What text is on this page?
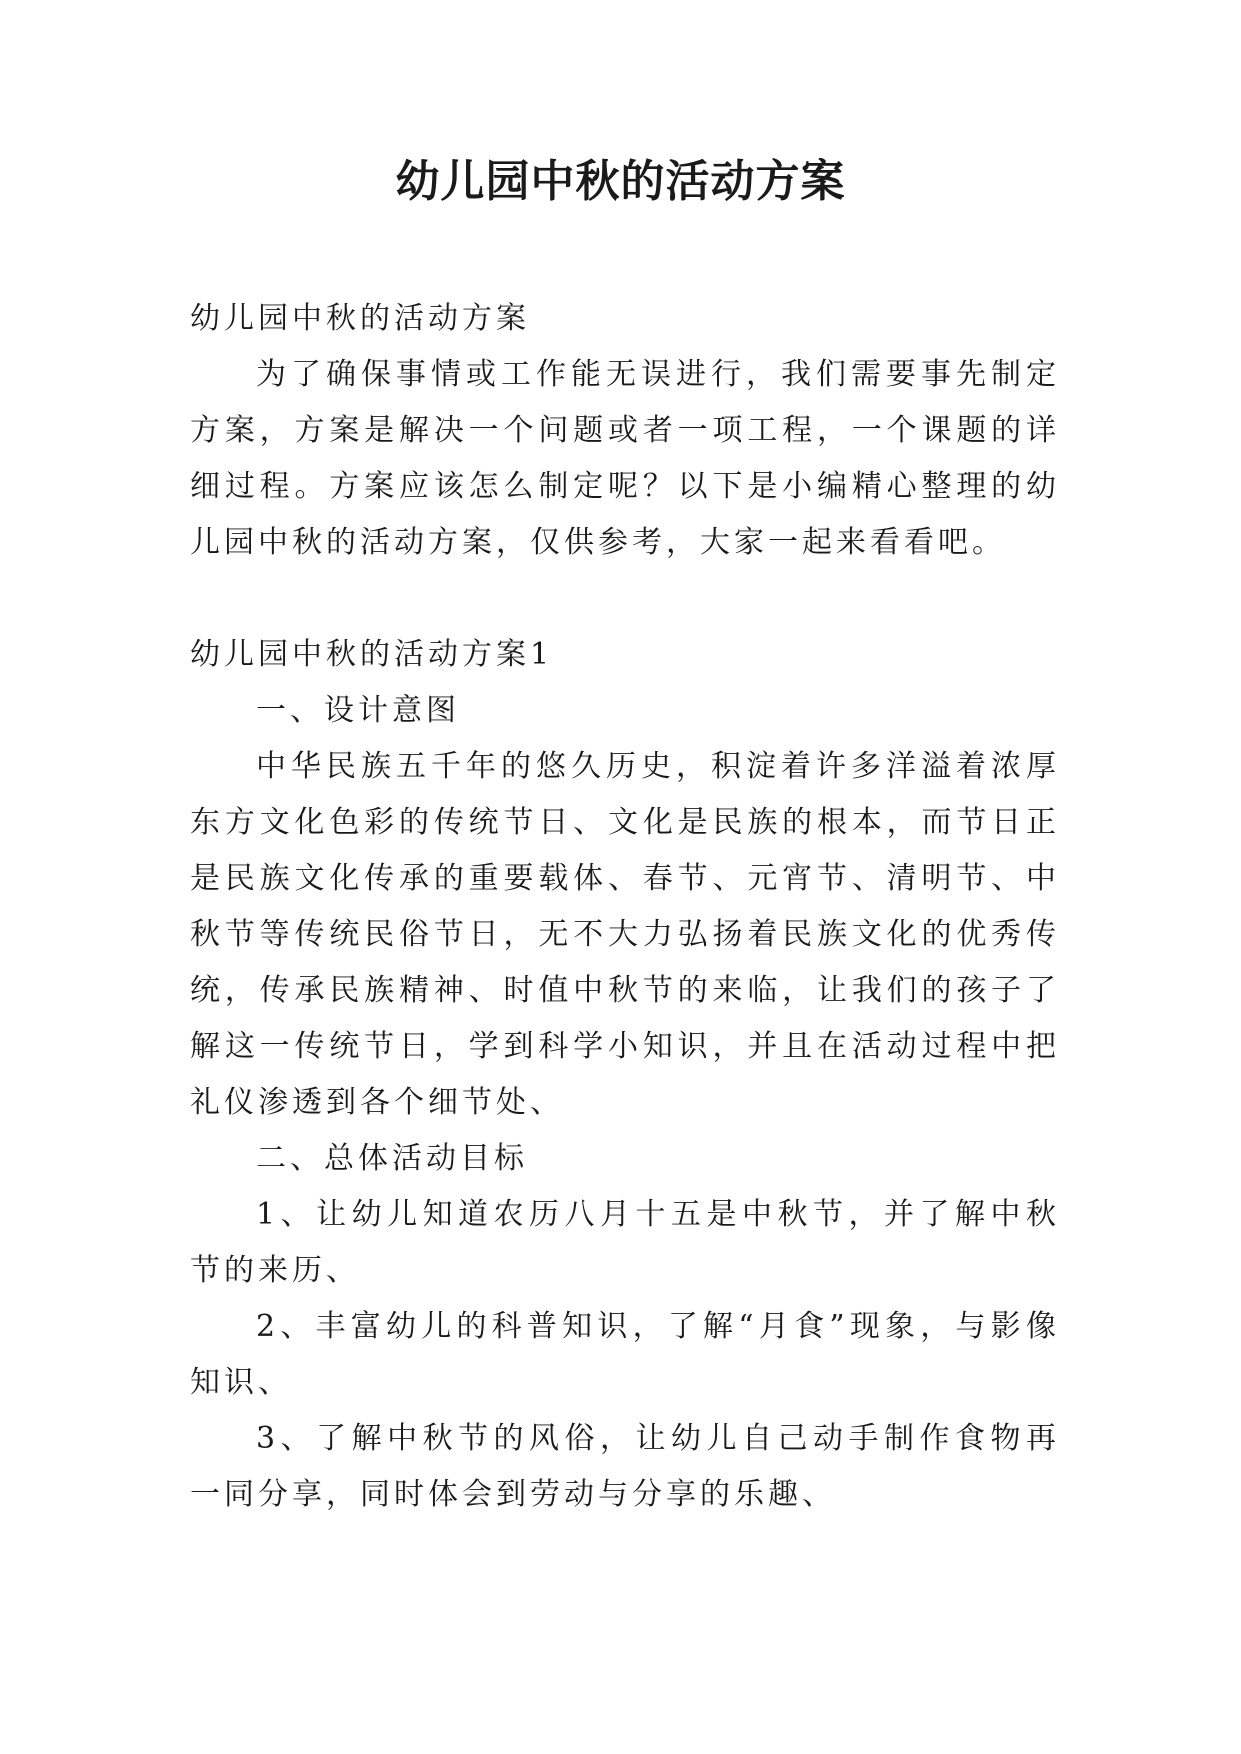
幼儿园中秋的活动方案

幼儿园中秋的活动方案

为了确保事情或工作能无误进行，我们需要事先制定方案，方案是解决一个问题或者一项工程，一个课题的详细过程。方案应该怎么制定呢？以下是小编精心整理的幼儿园中秋的活动方案，仅供参考，大家一起来看看吧。

幼儿园中秋的活动方案1

一、设计意图

中华民族五千年的悠久历史，积淀着许多洋溢着浓厚东方文化色彩的传统节日、文化是民族的根本，而节日正是民族文化传承的重要载体、春节、元宵节、清明节、中秋节等传统民俗节日，无不大力弘扬着民族文化的优秀传统，传承民族精神、时值中秋节的来临，让我们的孩子了解这一传统节日，学到科学小知识，并且在活动过程中把礼仪渗透到各个细节处、

二、总体活动目标

1、让幼儿知道农历八月十五是中秋节，并了解中秋节的来历、

2、丰富幼儿的科普知识，了解“月食”现象，与影像知识、

3、了解中秋节的风俗，让幼儿自己动手制作食物再一同分享，同时体会到劳动与分享的乐趣、
